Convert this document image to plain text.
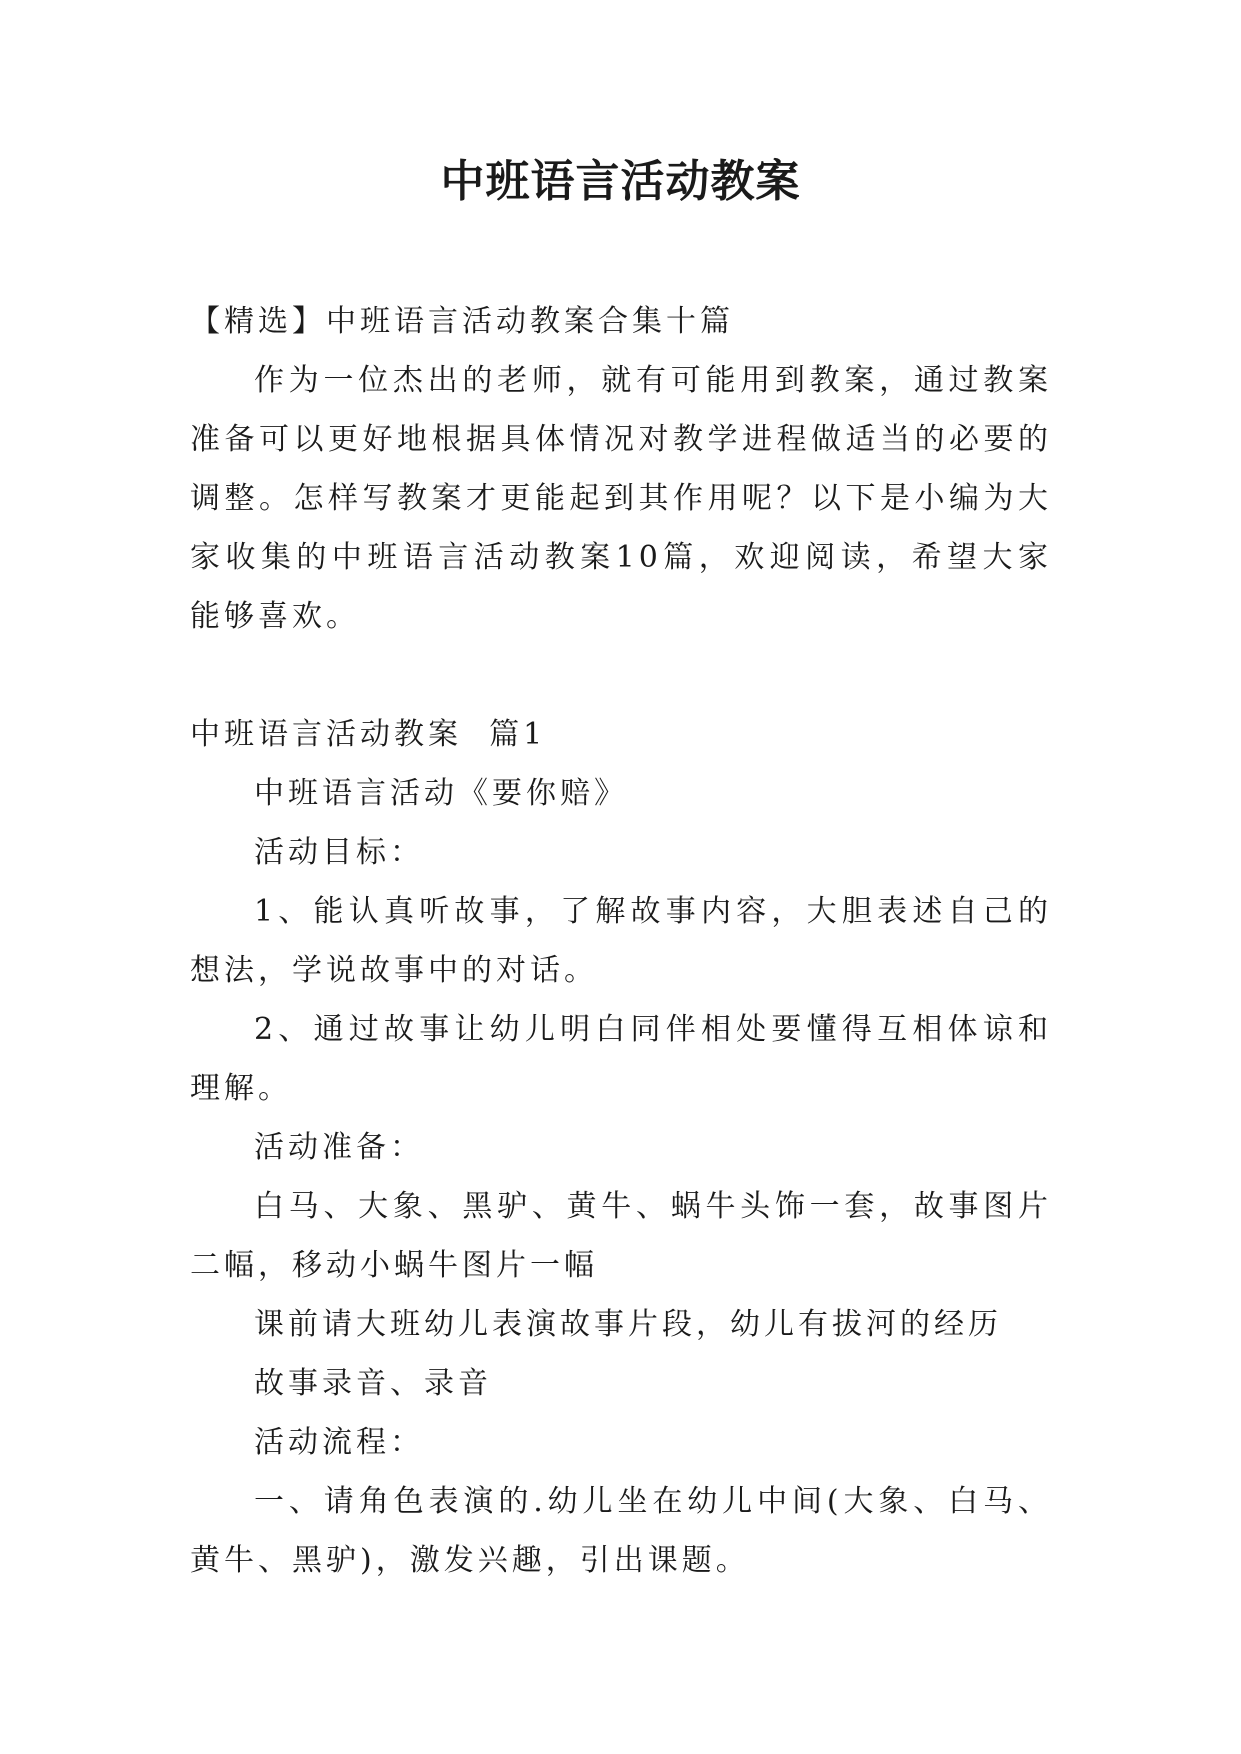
中班语言活动教案

【精选】中班语言活动教案合集十篇

作为一位杰出的老师，就有可能用到教案，通过教案准备可以更好地根据具体情况对教学进程做适当的必要的调整。怎样写教案才更能起到其作用呢？以下是小编为大家收集的中班语言活动教案10篇，欢迎阅读，希望大家能够喜欢。

中班语言活动教案  篇1

中班语言活动《要你赔》

活动目标：

1、能认真听故事，了解故事内容，大胆表述自己的想法，学说故事中的对话。

2、通过故事让幼儿明白同伴相处要懂得互相体谅和理解。

活动准备：

白马、大象、黑驴、黄牛、蜗牛头饰一套，故事图片二幅，移动小蜗牛图片一幅

课前请大班幼儿表演故事片段，幼儿有拔河的经历

故事录音、录音

活动流程：

一、请角色表演的.幼儿坐在幼儿中间(大象、白马、黄牛、黑驴)，激发兴趣，引出课题。
